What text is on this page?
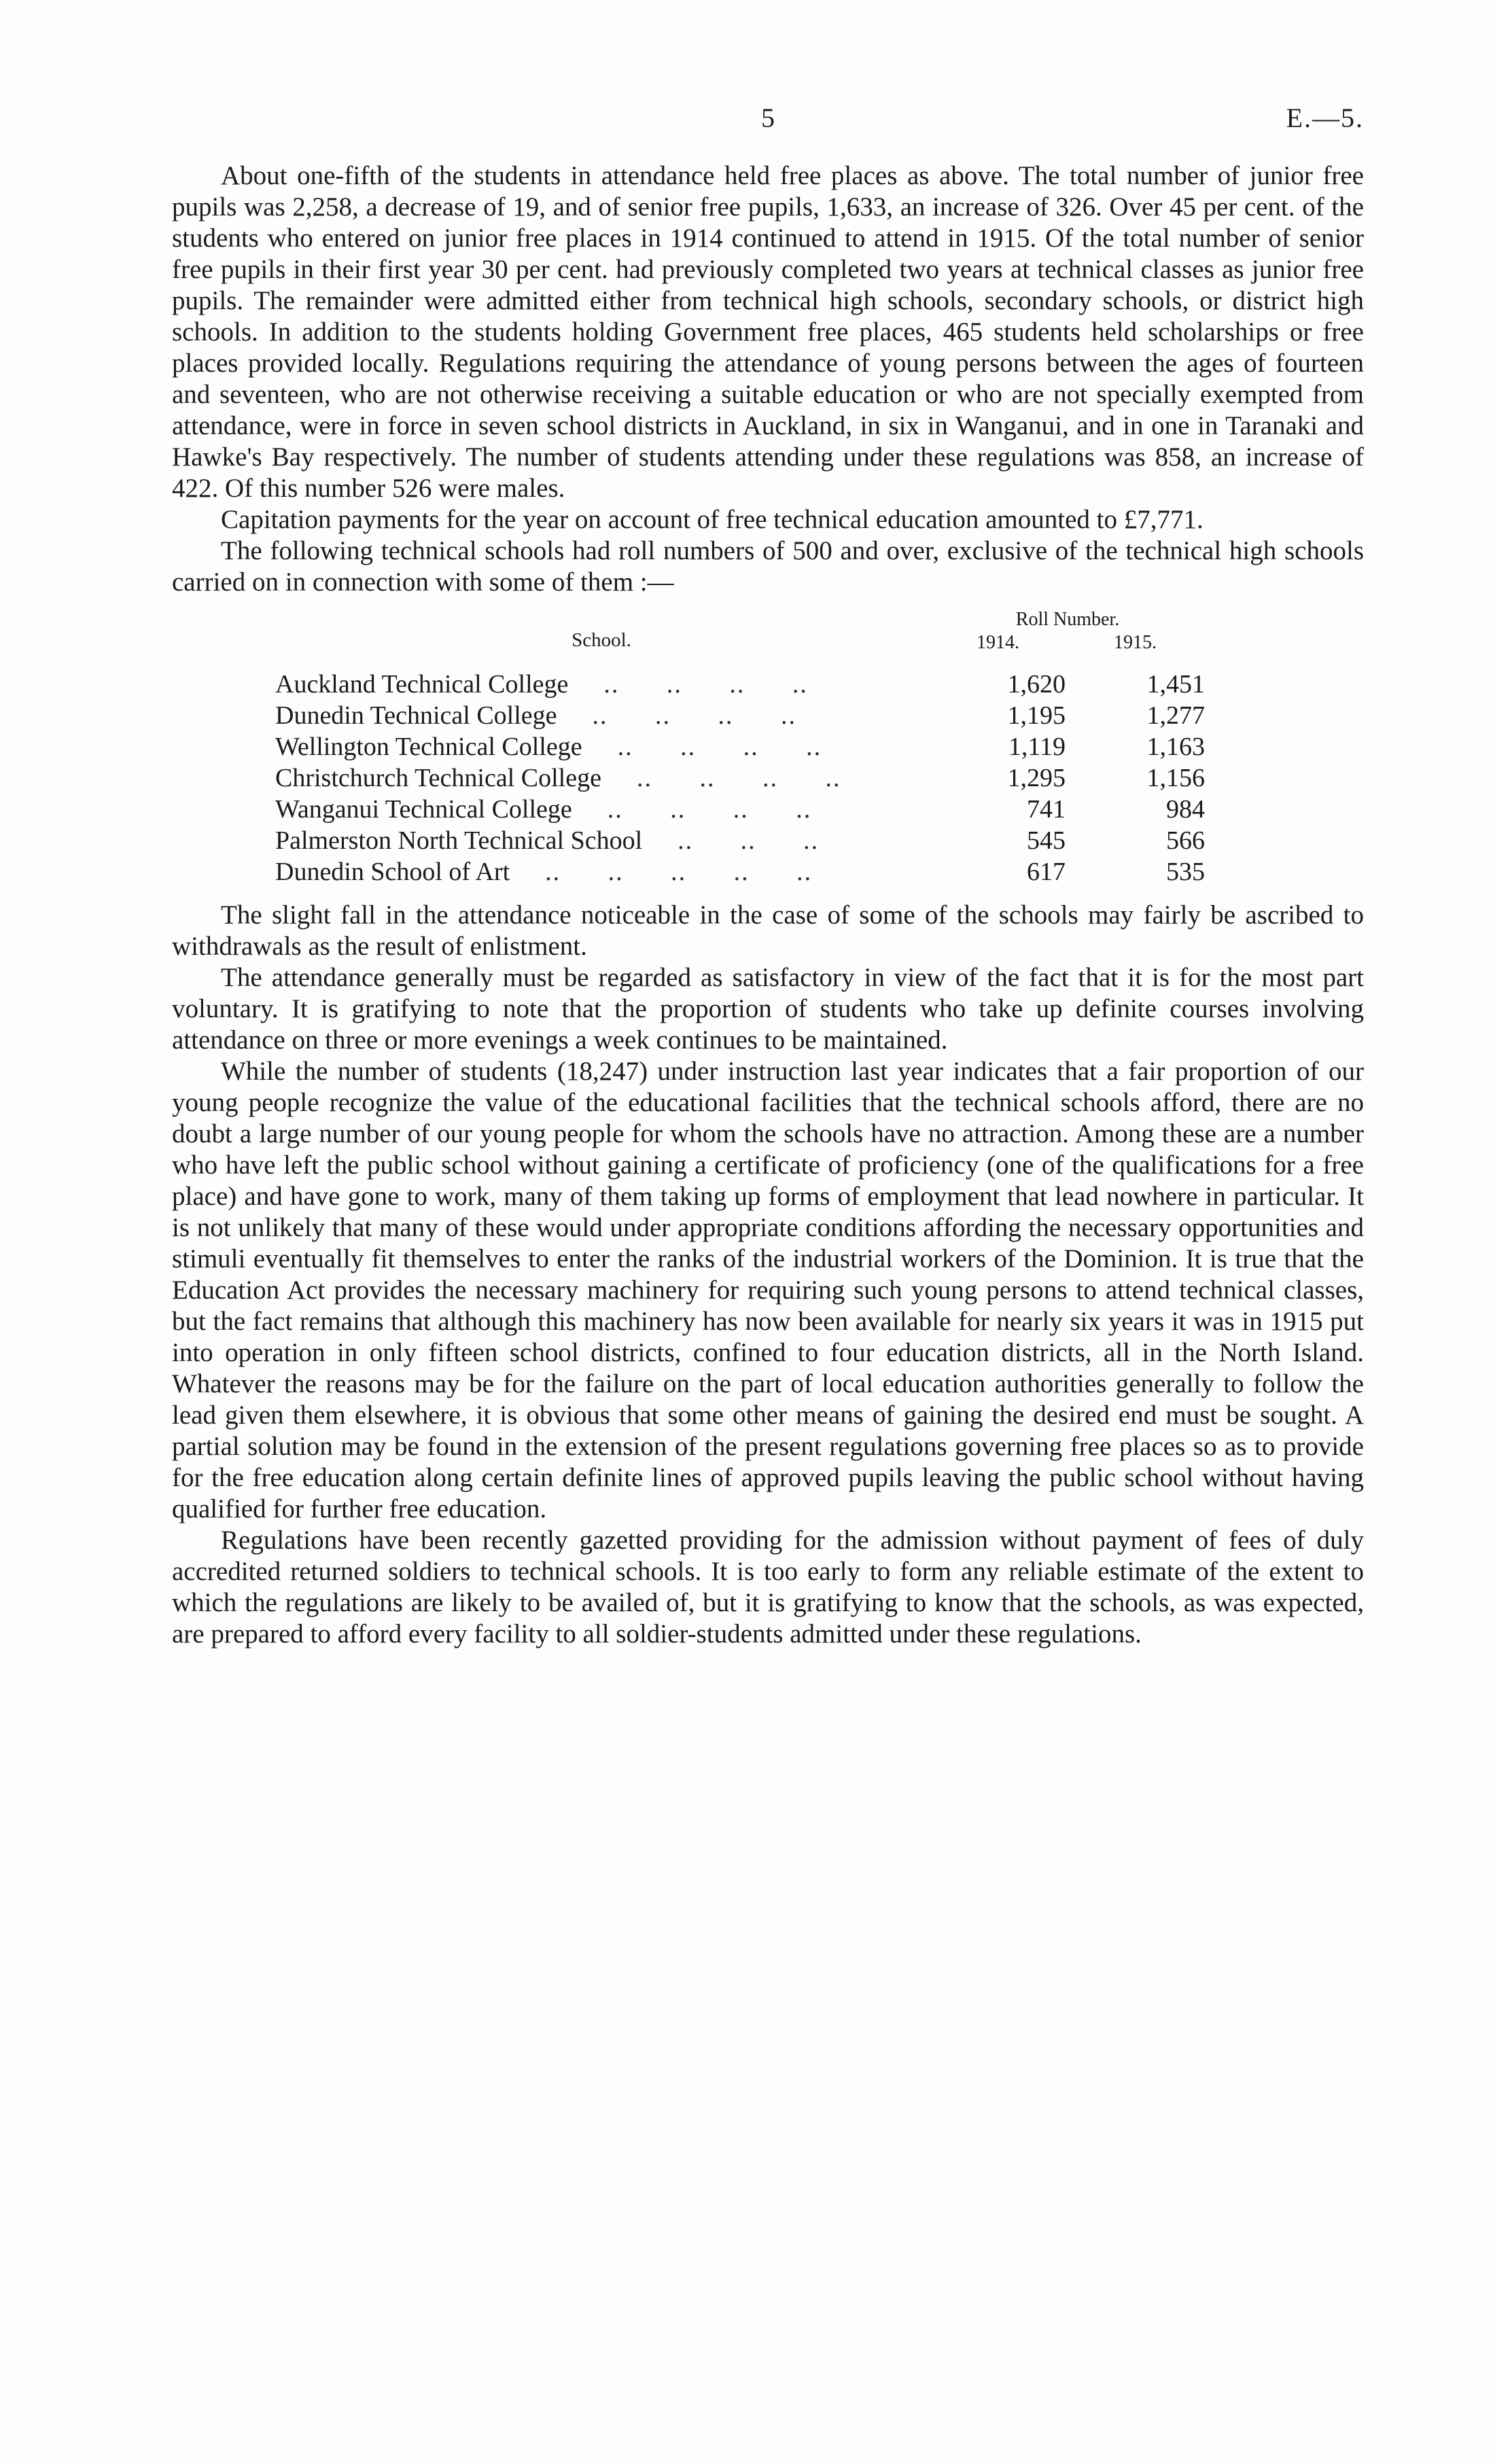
5	E.—5.

About one-fifth of the students in attendance held free places as above. The total number of junior free pupils was 2,258, a decrease of 19, and of senior free pupils, 1,633, an increase of 326. Over 45 per cent. of the students who entered on junior free places in 1914 continued to attend in 1915. Of the total number of senior free pupils in their first year 30 per cent. had previously completed two years at technical classes as junior free pupils. The remainder were admitted either from technical high schools, secondary schools, or district high schools. In addition to the students holding Government free places, 465 students held scholarships or free places provided locally. Regulations requiring the attendance of young persons between the ages of fourteen and seventeen, who are not otherwise receiving a suitable education or who are not specially exempted from attendance, were in force in seven school districts in Auckland, in six in Wanganui, and in one in Taranaki and Hawke's Bay respectively. The number of students attending under these regulations was 858, an increase of 422. Of this number 526 were males.

Capitation payments for the year on account of free technical education amounted to £7,771.

The following technical schools had roll numbers of 500 and over, exclusive of the technical high schools carried on in connection with some of them :—

School.
Roll Number.
1914.	1915.
Auckland Technical College	.. .. .. ..	1,620	1,451
Dunedin Technical College	.. .. .. ..	1,195	1,277
Wellington Technical College	.. .. .. ..	1,119	1,163
Christchurch Technical College	.. .. .. ..	1,295	1,156
Wanganui Technical College	.. .. .. ..	741	984
Palmerston North Technical School	.. .. ..	545	566
Dunedin School of Art	.. .. .. .. ..	617	535

The slight fall in the attendance noticeable in the case of some of the schools may fairly be ascribed to withdrawals as the result of enlistment.

The attendance generally must be regarded as satisfactory in view of the fact that it is for the most part voluntary. It is gratifying to note that the proportion of students who take up definite courses involving attendance on three or more evenings a week continues to be maintained.

While the number of students (18,247) under instruction last year indicates that a fair proportion of our young people recognize the value of the educational facilities that the technical schools afford, there are no doubt a large number of our young people for whom the schools have no attraction. Among these are a number who have left the public school without gaining a certificate of proficiency (one of the qualifications for a free place) and have gone to work, many of them taking up forms of employment that lead nowhere in particular. It is not unlikely that many of these would under appropriate conditions affording the necessary opportunities and stimuli eventually fit themselves to enter the ranks of the industrial workers of the Dominion. It is true that the Education Act provides the necessary machinery for requiring such young persons to attend technical classes, but the fact remains that although this machinery has now been available for nearly six years it was in 1915 put into operation in only fifteen school districts, confined to four education districts, all in the North Island. Whatever the reasons may be for the failure on the part of local education authorities generally to follow the lead given them elsewhere, it is obvious that some other means of gaining the desired end must be sought. A partial solution may be found in the extension of the present regulations governing free places so as to provide for the free education along certain definite lines of approved pupils leaving the public school without having qualified for further free education.

Regulations have been recently gazetted providing for the admission without payment of fees of duly accredited returned soldiers to technical schools. It is too early to form any reliable estimate of the extent to which the regulations are likely to be availed of, but it is gratifying to know that the schools, as was expected, are prepared to afford every facility to all soldier-students admitted under these regulations.
